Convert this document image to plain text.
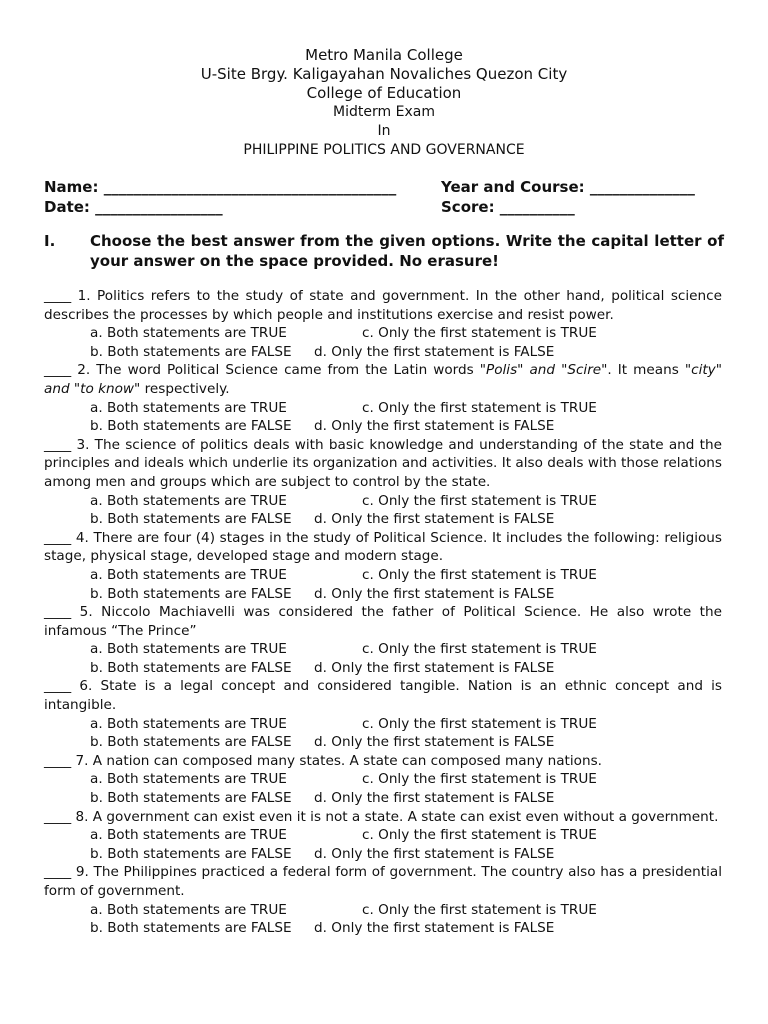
Metro Manila College
U-Site Brgy. Kaligayahan Novaliches Quezon City
College of Education
Midterm Exam
In
PHILIPPINE POLITICS AND GOVERNANCE
Name: _______________________________________	Year and Course: ______________
Date: _________________	Score: __________
I. Choose the best answer from the given options. Write the capital letter of your answer on the space provided. No erasure!

____ 1. Politics refers to the study of state and government. In the other hand, political science describes the processes by which people and institutions exercise and resist power.

a. Both statements are TRUE	c. Only the first statement is TRUE
b. Both statements are FALSE d. Only the first statement is FALSE

____ 2. The word Political Science came from the Latin words "Polis" and "Scire". It means "city" and "to know" respectively.

a. Both statements are TRUE	c. Only the first statement is TRUE
b. Both statements are FALSE d. Only the first statement is FALSE

____ 3. The science of politics deals with basic knowledge and understanding of the state and the principles and ideals which underlie its organization and activities. It also deals with those relations among men and groups which are subject to control by the state.

a. Both statements are TRUE	c. Only the first statement is TRUE
b. Both statements are FALSE d. Only the first statement is FALSE

____ 4. There are four (4) stages in the study of Political Science. It includes the following: religious stage, physical stage, developed stage and modern stage.

a. Both statements are TRUE	c. Only the first statement is TRUE
b. Both statements are FALSE d. Only the first statement is FALSE

____ 5. Niccolo Machiavelli was considered the father of Political Science. He also wrote the infamous “The Prince”

a. Both statements are TRUE	c. Only the first statement is TRUE
b. Both statements are FALSE d. Only the first statement is FALSE

____ 6. State is a legal concept and considered tangible. Nation is an ethnic concept and is intangible.

a. Both statements are TRUE	c. Only the first statement is TRUE
b. Both statements are FALSE d. Only the first statement is FALSE

____ 7. A nation can composed many states. A state can composed many nations.

a. Both statements are TRUE	c. Only the first statement is TRUE
b. Both statements are FALSE d. Only the first statement is FALSE

____ 8. A government can exist even it is not a state. A state can exist even without a government.

a. Both statements are TRUE	c. Only the first statement is TRUE
b. Both statements are FALSE d. Only the first statement is FALSE

____ 9. The Philippines practiced a federal form of government. The country also has a presidential form of government.

a. Both statements are TRUE	c. Only the first statement is TRUE
b. Both statements are FALSE d. Only the first statement is FALSE
